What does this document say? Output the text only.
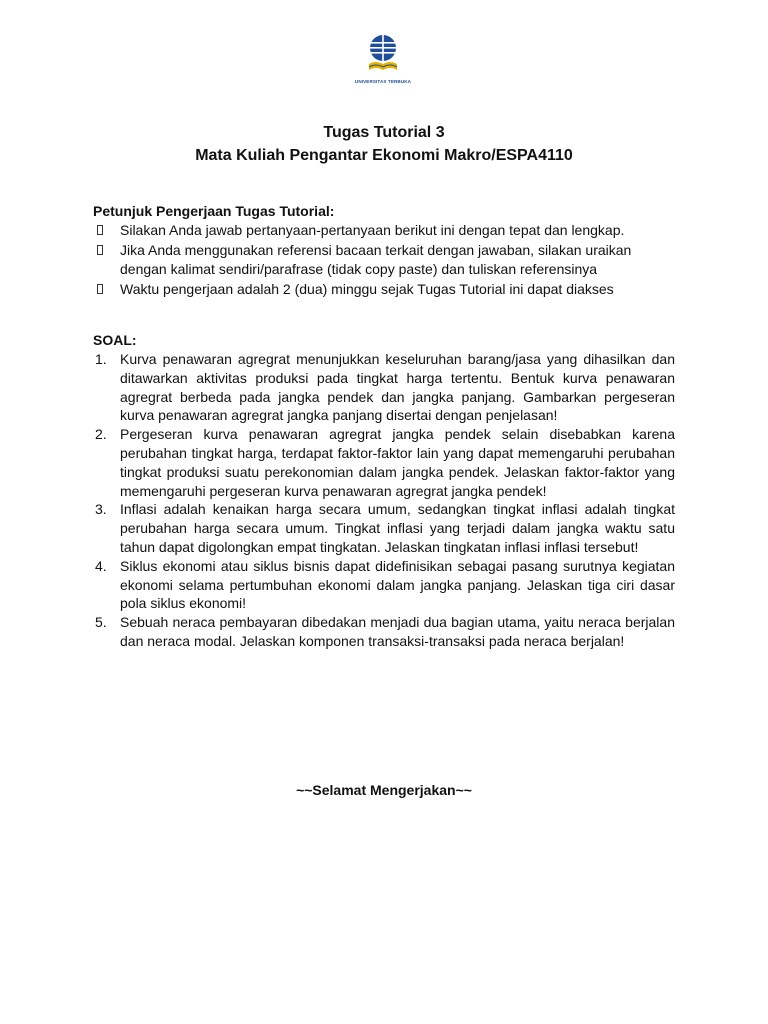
UNIVERSITAS TERBUKA
Tugas Tutorial 3
Mata Kuliah Pengantar Ekonomi Makro/ESPA4110
Petunjuk Pengerjaan Tugas Tutorial:
Silakan Anda jawab pertanyaan-pertanyaan berikut ini dengan tepat dan lengkap.
Jika Anda menggunakan referensi bacaan terkait dengan jawaban, silakan uraikan dengan kalimat sendiri/parafrase (tidak copy paste) dan tuliskan referensinya
Waktu pengerjaan adalah 2 (dua) minggu sejak Tugas Tutorial ini dapat diakses
SOAL:
1. Kurva penawaran agregrat menunjukkan keseluruhan barang/jasa yang dihasilkan dan ditawarkan aktivitas produksi pada tingkat harga tertentu. Bentuk kurva penawaran agregrat berbeda pada jangka pendek dan jangka panjang. Gambarkan pergeseran kurva penawaran agregrat jangka panjang disertai dengan penjelasan!
2. Pergeseran kurva penawaran agregrat jangka pendek selain disebabkan karena perubahan tingkat harga, terdapat faktor-faktor lain yang dapat memengaruhi perubahan tingkat produksi suatu perekonomian dalam jangka pendek. Jelaskan faktor-faktor yang memengaruhi pergeseran kurva penawaran agregrat jangka pendek!
3. Inflasi adalah kenaikan harga secara umum, sedangkan tingkat inflasi adalah tingkat perubahan harga secara umum. Tingkat inflasi yang terjadi dalam jangka waktu satu tahun dapat digolongkan empat tingkatan. Jelaskan tingkatan inflasi inflasi tersebut!
4. Siklus ekonomi atau siklus bisnis dapat didefinisikan sebagai pasang surutnya kegiatan ekonomi selama pertumbuhan ekonomi dalam jangka panjang. Jelaskan tiga ciri dasar pola siklus ekonomi!
5. Sebuah neraca pembayaran dibedakan menjadi dua bagian utama, yaitu neraca berjalan dan neraca modal. Jelaskan komponen transaksi-transaksi pada neraca berjalan!
~~Selamat Mengerjakan~~
